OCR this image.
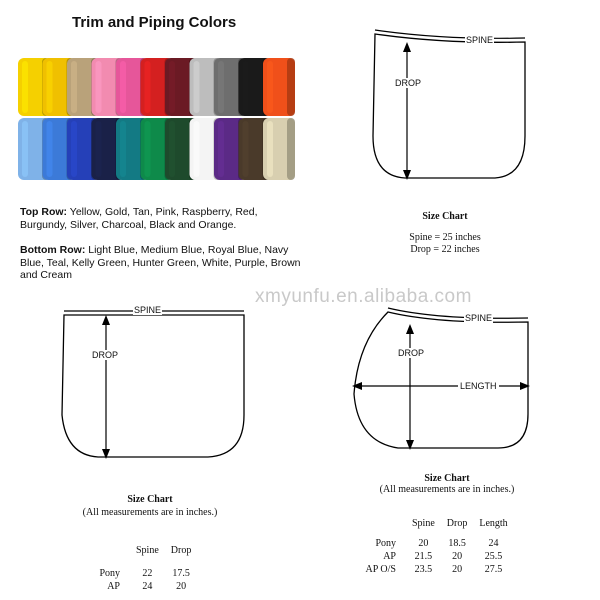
Trim and Piping Colors
Top Row: Yellow, Gold, Tan, Pink, Raspberry, Red, Burgundy, Silver, Charcoal, Black and Orange.
Bottom Row: Light Blue, Medium Blue, Royal Blue, Navy Blue, Teal, Kelly Green, Hunter Green, White, Purple, Brown and Cream
xmyunfu.en.alibaba.com
SPINE
DROP
Size Chart
Spine = 25 inches
Drop = 22 inches
SPINE
DROP
Size Chart
(All measurements are in inches.)
	Spine	Drop

Pony	22	17.5
AP	24	20
SPINE
DROP
LENGTH
Size Chart
(All measurements are in inches.)
	Spine	Drop	Length

Pony	20	18.5	24
AP	21.5	20	25.5
AP O/S	23.5	20	27.5
